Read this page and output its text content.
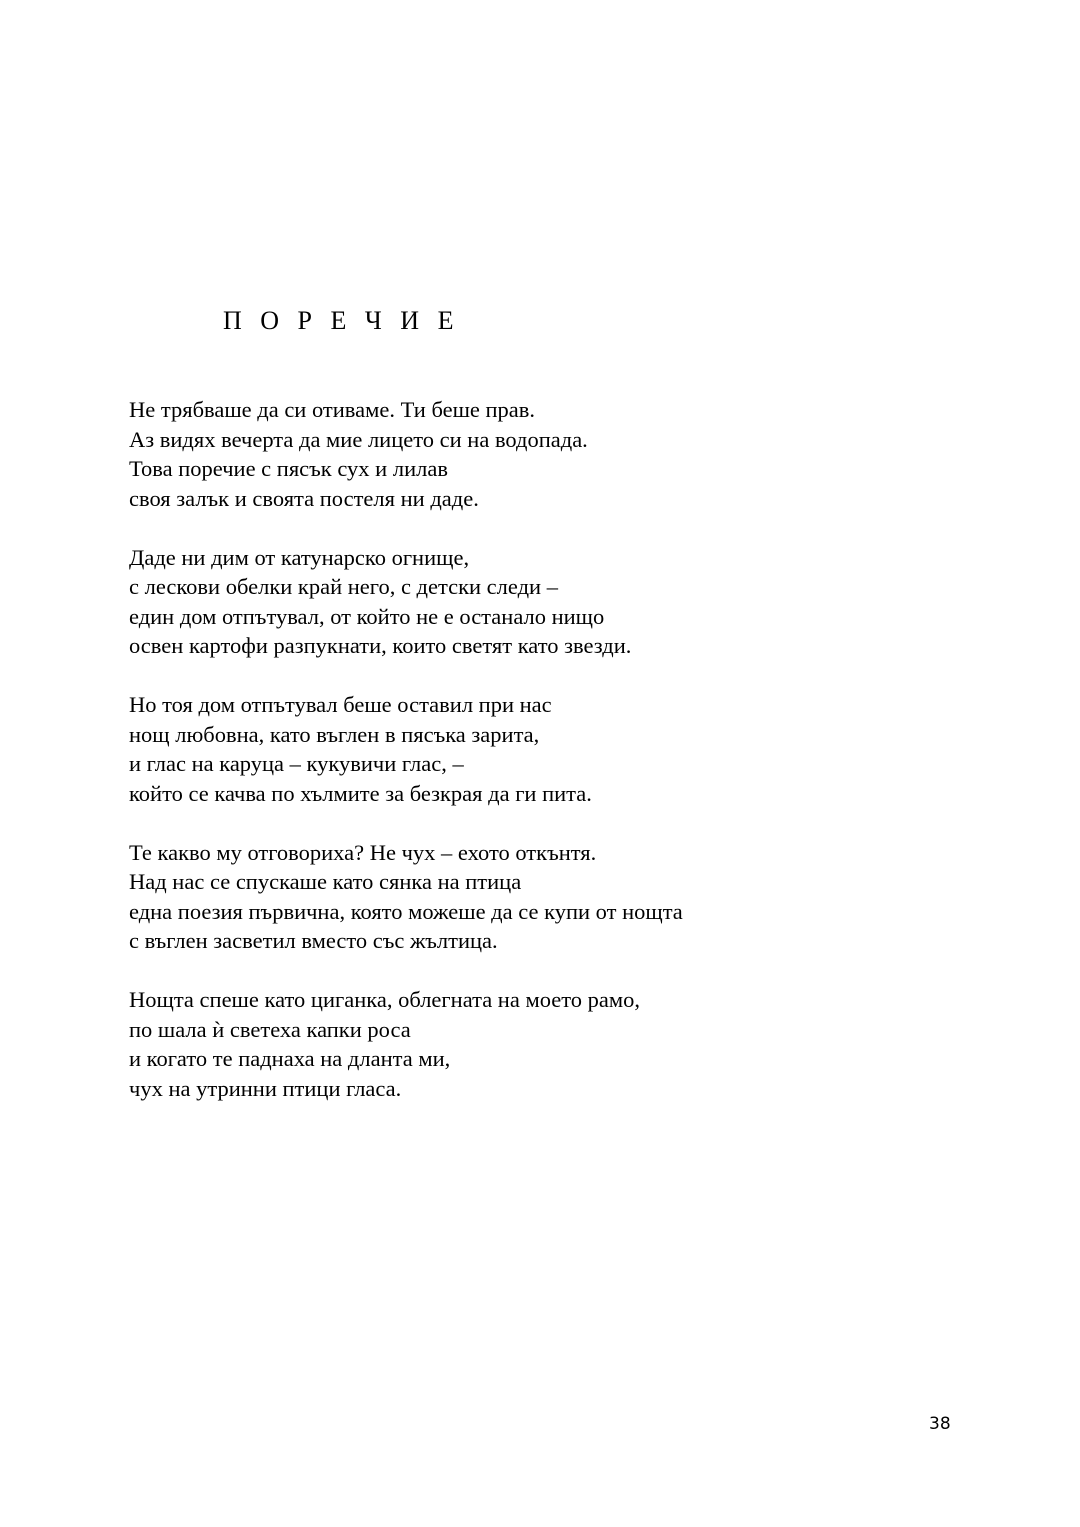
П О Р Е Ч И Е
Не трябваше да си отиваме. Ти беше прав.
Аз видях вечерта да мие лицето си на водопада.
Това поречие с пясък сух и лилав
своя залък и своята постеля ни даде.
Даде ни дим от катунарско огнище,
с лескови обелки край него, с детски следи –
един дом отпътувал, от който не е останало нищо
освен картофи разпукнати, които светят като звезди.
Но тоя дом отпътувал беше оставил при нас
нощ любовна, като въглен в пясъка зарита,
и глас на каруца – кукувичи глас, –
който се качва по хълмите за безкрая да ги пита.
Те какво му отговориха? Не чух – ехото откънтя.
Над нас се спускаше като сянка на птица
една поезия първична, която можеше да се купи от нощта
с въглен засветил вместо със жълтица.
Нощта спеше като циганка, облегната на моето рамо,
по шала ѝ светеха капки роса
и когато те паднаха на дланта ми,
чух на утринни птици гласа.
38
